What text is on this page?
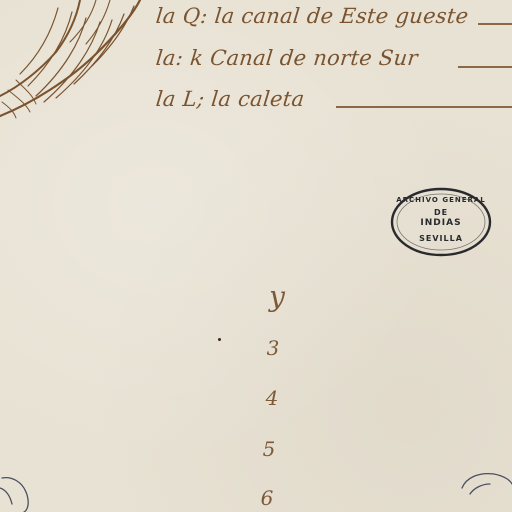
la Q: la canal de Este gueste
la: k Canal de norte Sur
la L; la caleta
ARCHIVO GENERAL
DE
INDIAS
SEVILLA
y
3
4
5
6
